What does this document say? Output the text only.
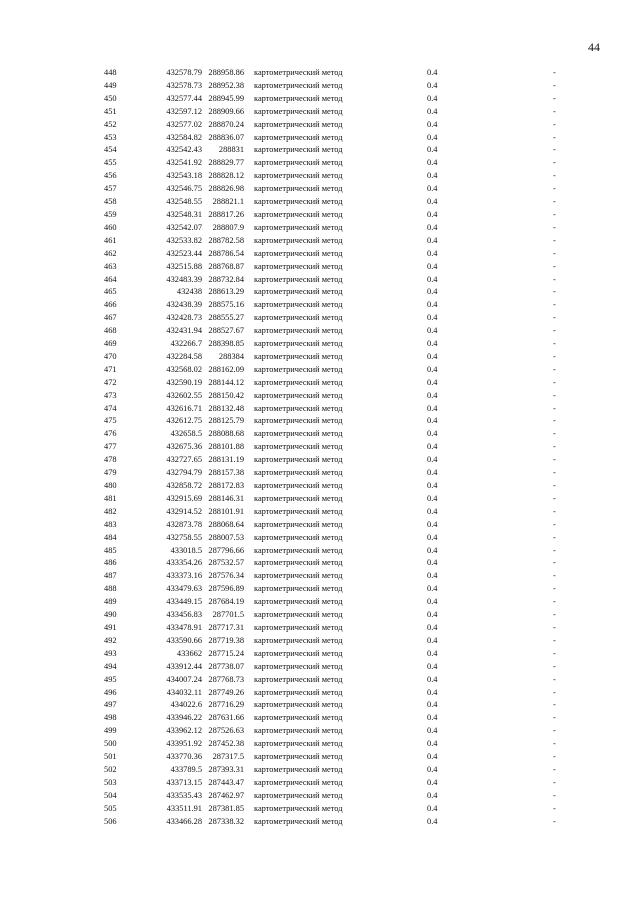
44
448	432578.79 288958.86 картометрический метод	0.4	-
449	432578.73 288952.38 картометрический метод	0.4	-
450	432577.44 288945.99 картометрический метод	0.4	-
451	432597.12 288909.66 картометрический метод	0.4	-
452	432577.02 288870.24 картометрический метод	0.4	-
453	432584.82 288836.07 картометрический метод	0.4	-
454	432542.43	288831 картометрический метод	0.4	-
455	432541.92 288829.77 картометрический метод	0.4	-
456	432543.18 288828.12 картометрический метод	0.4	-
457	432546.75 288826.98 картометрический метод	0.4	-
458	432548.55	288821.1 картометрический метод	0.4	-
459	432548.31 288817.26 картометрический метод	0.4	-
460	432542.07	288807.9 картометрический метод	0.4	-
461	432533.82 288782.58 картометрический метод	0.4	-
462	432523.44 288786.54 картометрический метод	0.4	-
463	432515.88 288768.87 картометрический метод	0.4	-
464	432483.39 288732.84 картометрический метод	0.4	-
465	432438 288613.29 картометрический метод	0.4	-
466	432438.39 288575.16 картометрический метод	0.4	-
467	432428.73 288555.27 картометрический метод	0.4	-
468	432431.94 288527.67 картометрический метод	0.4	-
469	432266.7 288398.85 картометрический метод	0.4	-
470	432284.58	288384 картометрический метод	0.4	-
471	432568.02 288162.09 картометрический метод	0.4	-
472	432590.19 288144.12 картометрический метод	0.4	-
473	432602.55 288150.42 картометрический метод	0.4	-
474	432616.71 288132.48 картометрический метод	0.4	-
475	432612.75 288125.79 картометрический метод	0.4	-
476	432658.5 288088.68 картометрический метод	0.4	-
477	432675.36 288101.88 картометрический метод	0.4	-
478	432727.65 288131.19 картометрический метод	0.4	-
479	432794.79 288157.38 картометрический метод	0.4	-
480	432858.72 288172.83 картометрический метод	0.4	-
481	432915.69 288146.31 картометрический метод	0.4	-
482	432914.52 288101.91 картометрический метод	0.4	-
483	432873.78 288068.64 картометрический метод	0.4	-
484	432758.55 288007.53 картометрический метод	0.4	-
485	433018.5 287796.66 картометрический метод	0.4	-
486	433354.26 287532.57 картометрический метод	0.4	-
487	433373.16 287576.34 картометрический метод	0.4	-
488	433479.63 287596.89 картометрический метод	0.4	-
489	433449.15 287684.19 картометрический метод	0.4	-
490	433456.83	287701.5 картометрический метод	0.4	-
491	433478.91 287717.31 картометрический метод	0.4	-
492	433590.66 287719.38 картометрический метод	0.4	-
493	433662 287715.24 картометрический метод	0.4	-
494	433912.44 287738.07 картометрический метод	0.4	-
495	434007.24 287768.73 картометрический метод	0.4	-
496	434032.11 287749.26 картометрический метод	0.4	-
497	434022.6 287716.29 картометрический метод	0.4	-
498	433946.22 287631.66 картометрический метод	0.4	-
499	433962.12 287526.63 картометрический метод	0.4	-
500	433951.92 287452.38 картометрический метод	0.4	-
501	433770.36	287317.5 картометрический метод	0.4	-
502	433789.5 287393.31 картометрический метод	0.4	-
503	433713.15 287443.47 картометрический метод	0.4	-
504	433535.43 287462.97 картометрический метод	0.4	-
505	433511.91 287381.85 картометрический метод	0.4	-
506	433466.28 287338.32 картометрический метод	0.4	-
